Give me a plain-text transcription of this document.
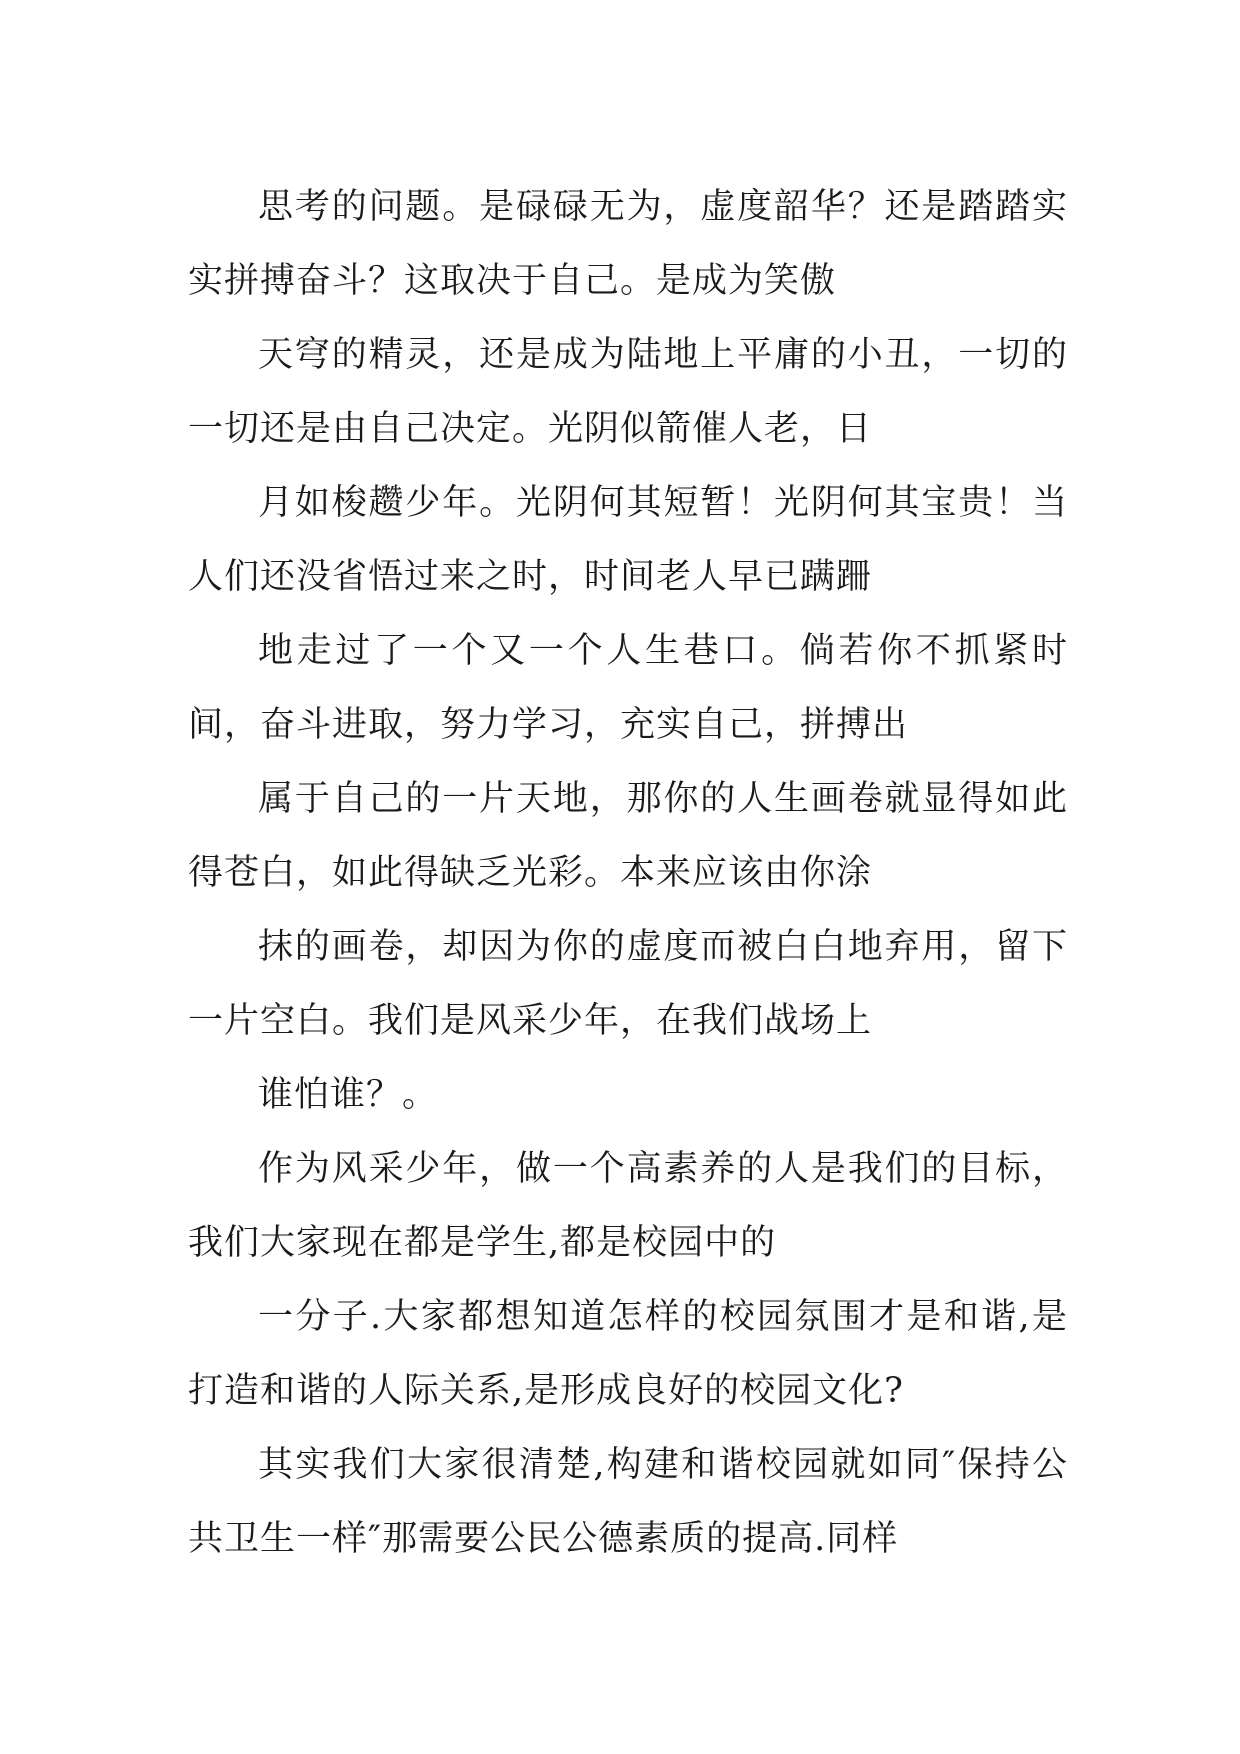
思考的问题。是碌碌无为，虚度韶华？还是踏踏实实拼搏奋斗？这取决于自己。是成为笑傲

天穹的精灵，还是成为陆地上平庸的小丑，一切的一切还是由自己决定。光阴似箭催人老，日

月如梭趱少年。光阴何其短暂！光阴何其宝贵！当人们还没省悟过来之时，时间老人早已蹒跚

地走过了一个又一个人生巷口。倘若你不抓紧时间，奋斗进取，努力学习，充实自己，拼搏出

属于自己的一片天地，那你的人生画卷就显得如此得苍白，如此得缺乏光彩。本来应该由你涂

抹的画卷，却因为你的虚度而被白白地弃用，留下一片空白。我们是风采少年，在我们战场上

谁怕谁？。

作为风采少年，做一个高素养的人是我们的目标，我们大家现在都是学生,都是校园中的

一分子.大家都想知道怎样的校园氛围才是和谐,是打造和谐的人际关系,是形成良好的校园文化?

其实我们大家很清楚,构建和谐校园就如同″保持公共卫生一样″那需要公民公德素质的提高.同样
